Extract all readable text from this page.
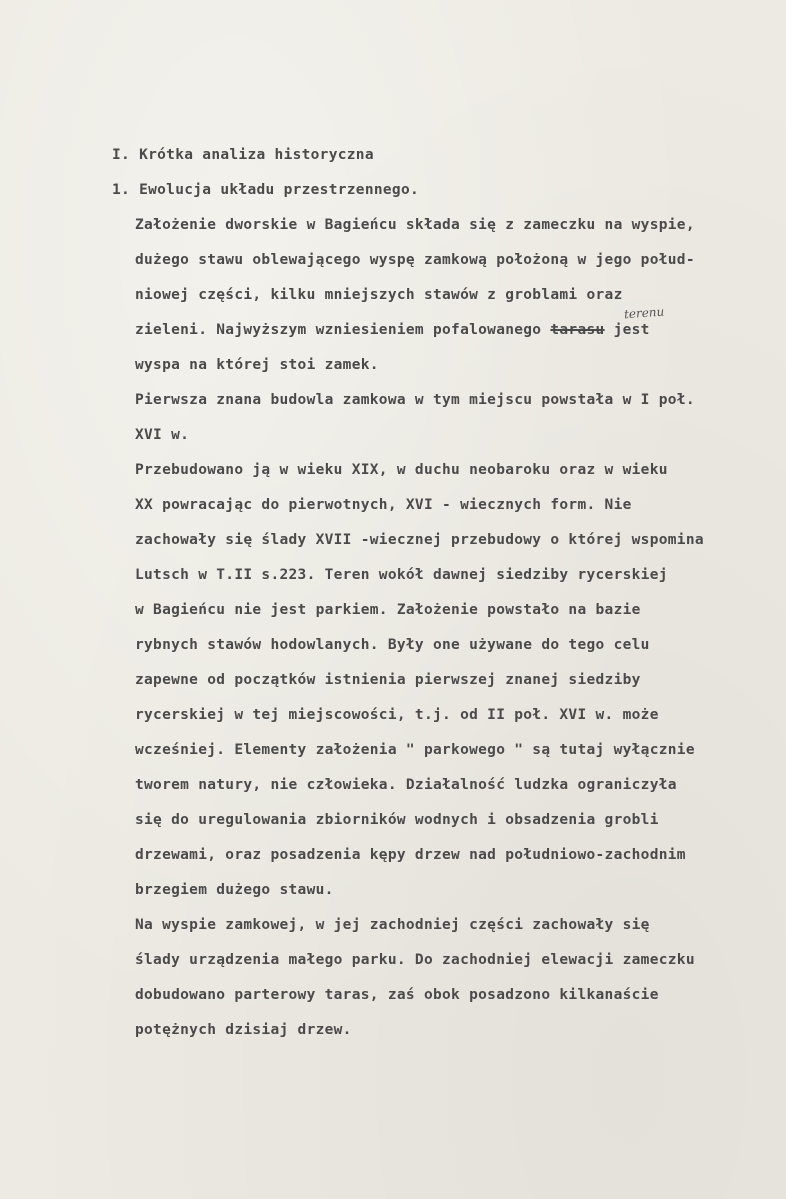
I. Krótka analiza historyczna
1. Ewolucja układu przestrzennego.
Założenie dworskie w Bagieńcu składa się z zameczku na wyspie,
dużego stawu oblewającego wyspę zamkową położoną w jego połud-
niowej części, kilku mniejszych stawów z groblami oraz
zieleni. Najwyższym wzniesieniem pofalowanego tarasu jest
terenu
wyspa na której stoi zamek.
Pierwsza znana budowla zamkowa w tym miejscu powstała w I poł.
XVI w.
Przebudowano ją w wieku XIX, w duchu neobaroku oraz w wieku
XX powracając do pierwotnych, XVI - wiecznych form. Nie
zachowały się ślady XVII -wiecznej przebudowy o której wspomina
Lutsch w T.II s.223. Teren wokół dawnej siedziby rycerskiej
w Bagieńcu nie jest parkiem. Założenie powstało na bazie
rybnych stawów hodowlanych. Były one używane do tego celu
zapewne od początków istnienia pierwszej znanej siedziby
rycerskiej w tej miejscowości, t.j. od II poł. XVI w. może
wcześniej. Elementy założenia " parkowego " są tutaj wyłącznie
tworem natury, nie człowieka. Działalność ludzka ograniczyła
się do uregulowania zbiorników wodnych i obsadzenia grobli
drzewami, oraz posadzenia kępy drzew nad południowo-zachodnim
brzegiem dużego stawu.
Na wyspie zamkowej, w jej zachodniej części zachowały się
ślady urządzenia małego parku. Do zachodniej elewacji zameczku
dobudowano parterowy taras, zaś obok posadzono kilkanaście
potężnych dzisiaj drzew.
